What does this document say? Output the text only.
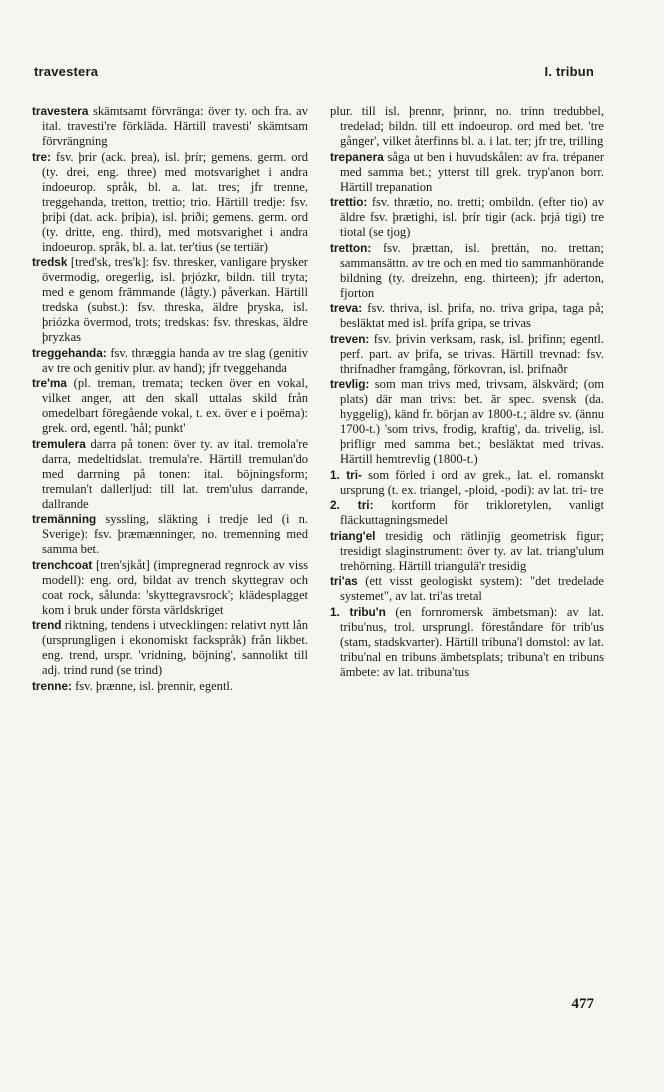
travestera	I. tribun

travestera skämtsamt förvränga: över ty. och fra. av ital. travesti're förkläda. Härtill travesti' skämtsam förvrängning

tre: fsv. þrir (ack. þrea), isl. þrír; gemens. germ. ord (ty. drei, eng. three) med motsvarighet i andra indoeurop. språk, bl. a. lat. tres; jfr trenne, treggehanda, tretton, trettio; trio. Härtill tredje: fsv. þriþi (dat. ack. þriþia), isl. þriði; gemens. germ. ord (ty. dritte, eng. third), med motsvarighet i andra indoeurop. språk, bl. a. lat. ter'tius (se tertiär)

tredsk [tred'sk, tres'k]: fsv. thresker, vanligare þrysker övermodig, oregerlig, isl. þrjózkr, bildn. till tryta; med e genom främmande (lågty.) påverkan. Härtill tredska (subst.): fsv. threska, äldre þryska, isl. þriózka övermod, trots; tredskas: fsv. threskas, äldre þryzkas

treggehanda: fsv. thræggia handa av tre slag (genitiv av tre och genitiv plur. av hand); jfr tveggehanda

tre'ma (pl. treman, tremata; tecken över en vokal, vilket anger, att den skall uttalas skild från omedelbart föregående vokal, t. ex. över e i poëma): grek. ord, egentl. 'hål; punkt'

tremulera darra på tonen: över ty. av ital. tremola're darra, medeltidslat. tremula're. Härtill tremulan'do med darrning på tonen: ital. böjningsform; tremulan't dallerljud: till lat. trem'ulus darrande, dallrande

tremänning syssling, släkting i tredje led (i n. Sverige): fsv. þræmænninger, no. tremenning med samma bet.

trenchcoat [tren'sjkåt] (impregnerad regnrock av viss modell): eng. ord, bildat av trench skyttegrav och coat rock, sålunda: 'skyttegravsrock'; klädesplagget kom i bruk under första världskriget

trend riktning, tendens i utvecklingen: relativt nytt lån (ursprungligen i ekonomiskt fackspråk) från likbet. eng. trend, urspr. 'vridning, böjning', sannolikt till adj. trind rund (se trind)

trenne: fsv. þrænne, isl. þrennir, egentl.

plur. till isl. þrennr, þrinnr, no. trinn tredubbel, tredelad; bildn. till ett indoeurop. ord med bet. 'tre gånger', vilket återfinns bl. a. i lat. ter; jfr tre, trilling

trepanera såga ut ben i huvudskålen: av fra. trépaner med samma bet.; ytterst till grek. tryp'anon borr. Härtill trepanation

trettio: fsv. thrætio, no. tretti; ombildn. (efter tio) av äldre fsv. þrætighi, isl. þrír tigir (ack. þrjá tigi) tre tiotal (se tjog)

tretton: fsv. þrættan, isl. þrettán, no. trettan; sammansättn. av tre och en med tio sammanhörande bildning (ty. dreizehn, eng. thirteen); jfr aderton, fjorton

treva: fsv. thriva, isl. þrifa, no. triva gripa, taga på; besläktat med isl. þrífa gripa, se trivas

treven: fsv. þrivin verksam, rask, isl. þrifinn; egentl. perf. part. av þrifa, se trivas. Härtill trevnad: fsv. thrifnadher framgång, förkovran, isl. þrifnaðr

trevlig: som man trivs med, trivsam, älskvärd; (om plats) där man trivs: bet. är spec. svensk (da. hyggelig), känd fr. början av 1800-t.; äldre sv. (ännu 1700-t.) 'som trivs, frodig, kraftig', da. trivelig, isl. þrifligr med samma bet.; besläktat med trivas. Härtill hemtrevlig (1800-t.)

1. tri- som förled i ord av grek., lat. el. romanskt ursprung (t. ex. triangel, -ploid, -podi): av lat. tri- tre

2. tri: kortform för trikloretylen, vanligt fläckuttagningsmedel

triang'el tresidig och rätlinjig geometrisk figur; tresidigt slaginstrument: över ty. av lat. triang'ulum trehörning. Härtill triangulä'r tresidig

tri'as (ett visst geologiskt system): "det tredelade systemet", av lat. tri'as tretal

1. tribu'n (en fornromersk ämbetsman): av lat. tribu'nus, trol. ursprungl. föreståndare för trib'us (stam, stadskvarter). Härtill tribuna'l domstol: av lat. tribu'nal en tribuns ämbetsplats; tribuna't en tribuns ämbete: av lat. tribuna'tus

477
